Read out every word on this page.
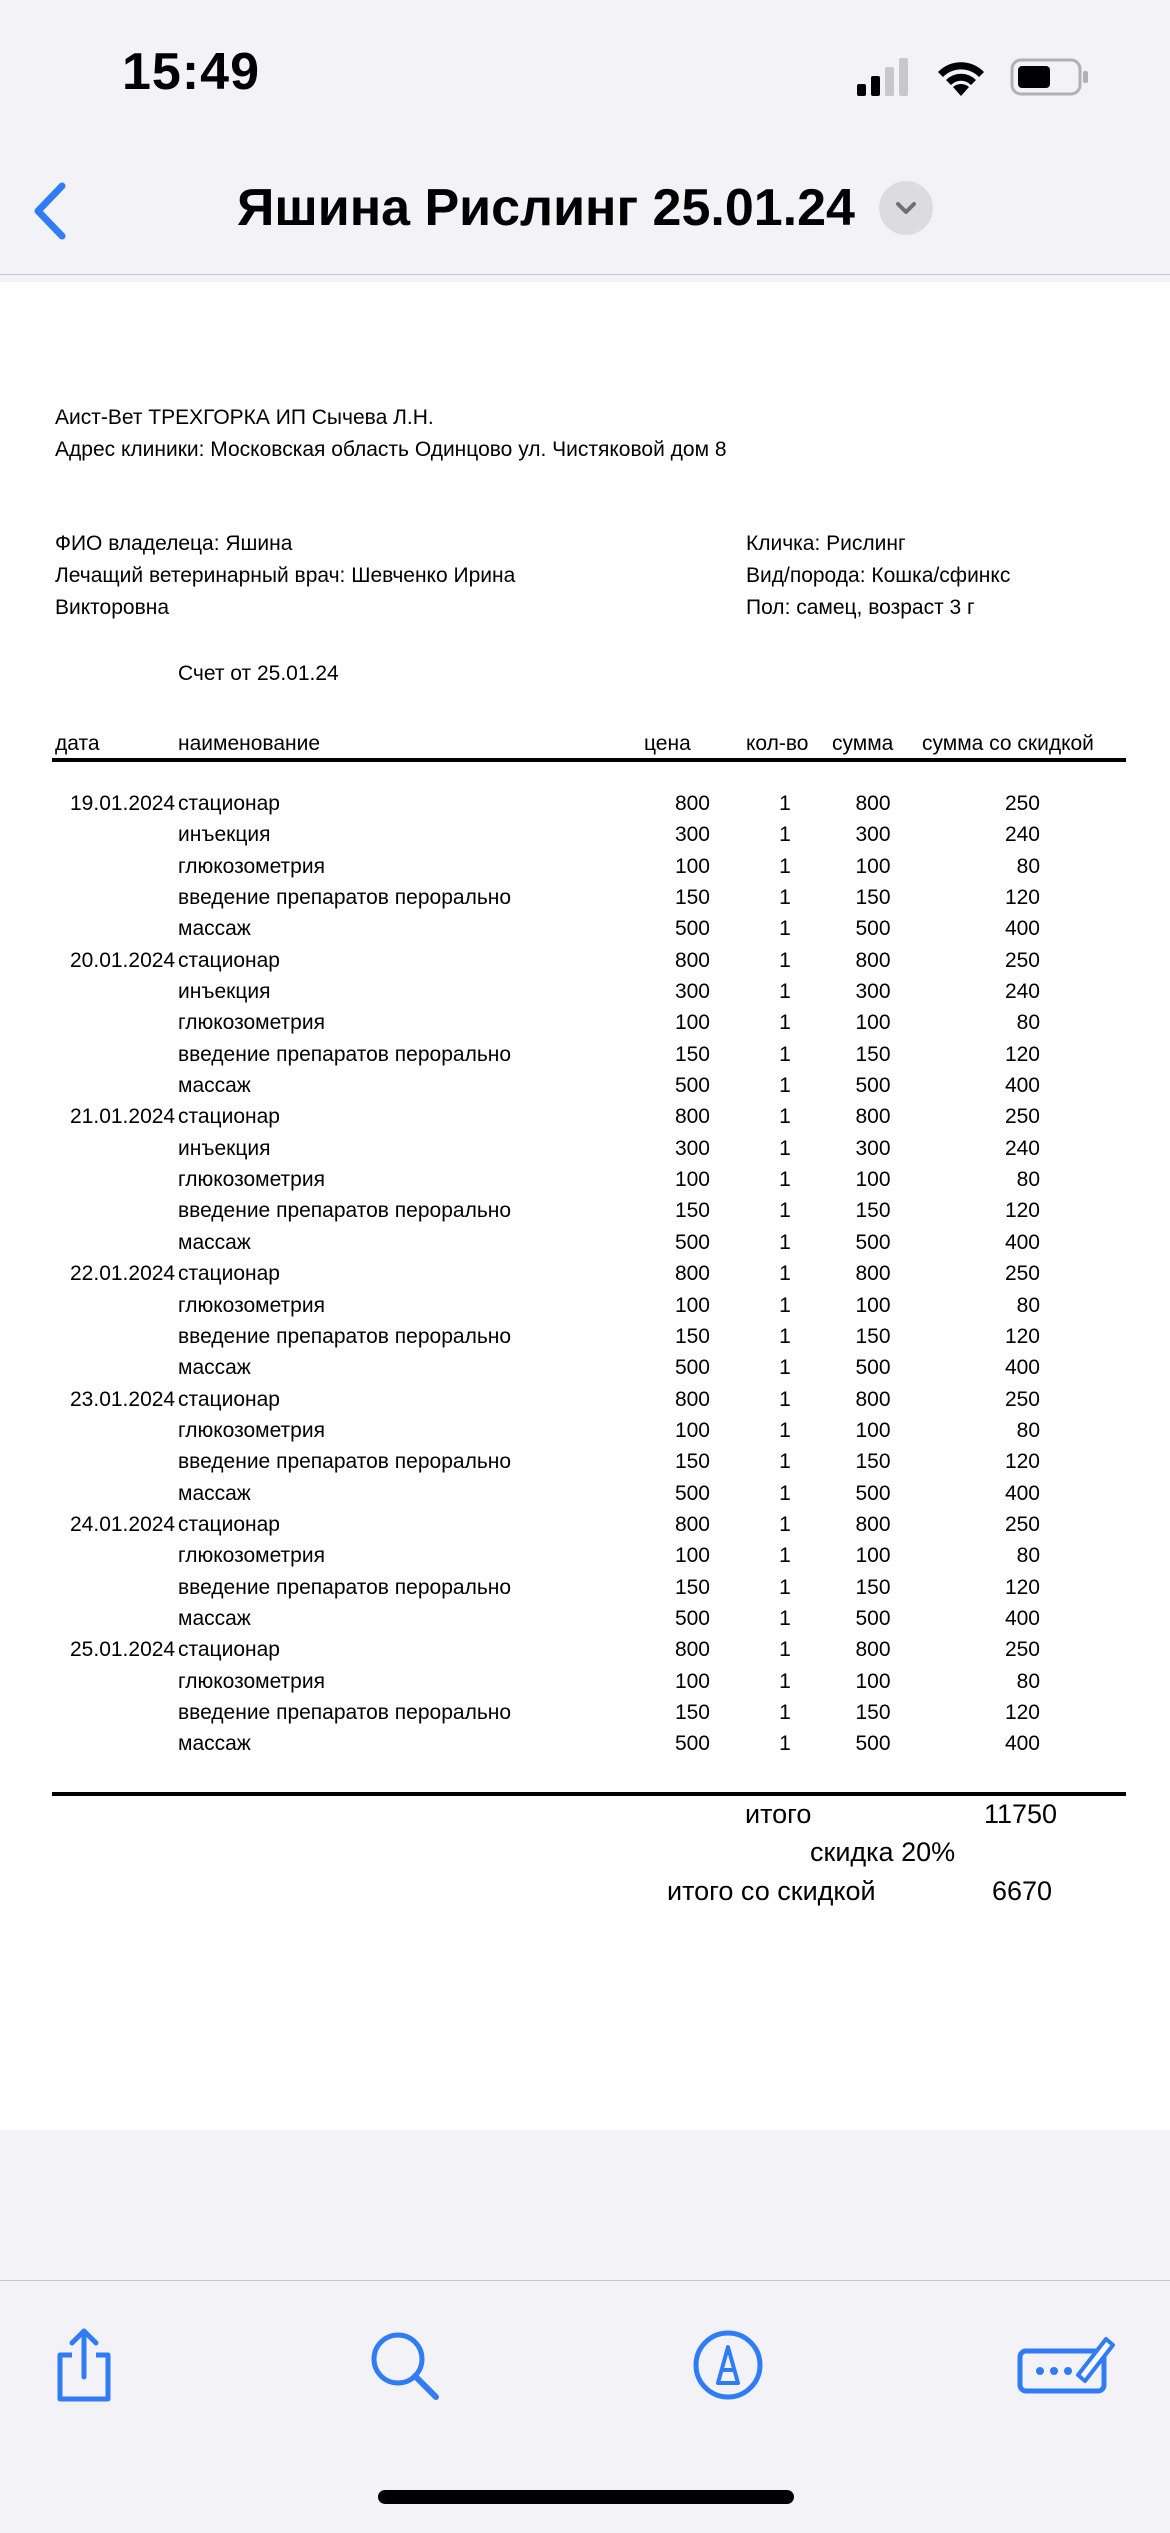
15:49
Яшина Рислинг 25.01.24
Аист-Вет ТРЕХГОРКА ИП Сычева Л.Н.
Адрес клиники: Московская область Одинцово ул. Чистяковой дом 8
ФИО владелеца: Яшина
Лечащий ветеринарный врач: Шевченко Ирина
Викторовна
Кличка: Рислинг
Вид/порода: Кошка/сфинкс
Пол: самец, возраст 3 г
Счет от 25.01.24
дата	наименование	цена	кол-во сумма сумма со скидкой
19.01.2024 стационар	800	1	800	250
инъекция	300	1	300	240
глюкозометрия	100	1	100	80
введение препаратов перорально	150	1	150	120
массаж	500	1	500	400
20.01.2024 стационар	800	1	800	250
инъекция	300	1	300	240
глюкозометрия	100	1	100	80
введение препаратов перорально	150	1	150	120
массаж	500	1	500	400
21.01.2024 стационар	800	1	800	250
инъекция	300	1	300	240
глюкозометрия	100	1	100	80
введение препаратов перорально	150	1	150	120
массаж	500	1	500	400
22.01.2024 стационар	800	1	800	250
глюкозометрия	100	1	100	80
введение препаратов перорально	150	1	150	120
массаж	500	1	500	400
23.01.2024 стационар	800	1	800	250
глюкозометрия	100	1	100	80
введение препаратов перорально	150	1	150	120
массаж	500	1	500	400
24.01.2024 стационар	800	1	800	250
глюкозометрия	100	1	100	80
введение препаратов перорально	150	1	150	120
массаж	500	1	500	400
25.01.2024 стационар	800	1	800	250
глюкозометрия	100	1	100	80
введение препаратов перорально	150	1	150	120
массаж	500	1	500	400
итого	11750
скидка 20%
итого со скидкой	6670
